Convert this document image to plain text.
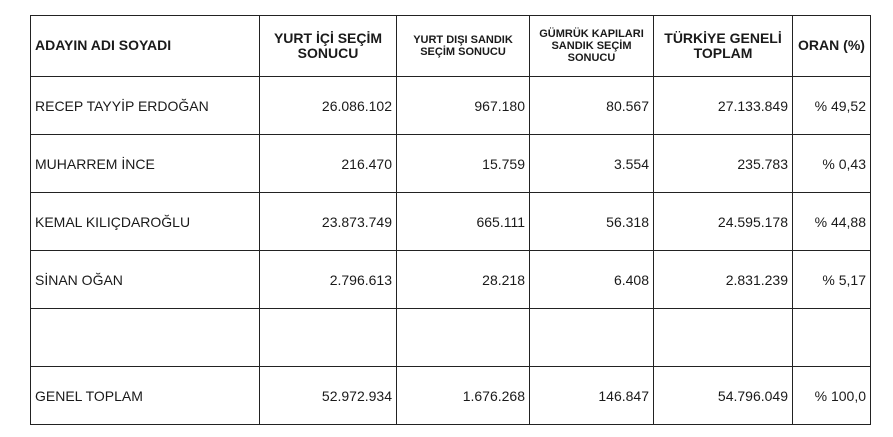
ADAYIN ADI SOYADI	YURT İÇİ SEÇİM SONUCU	YURT DIŞI SANDIK SEÇİM SONUCU	GÜMRÜK KAPILARI SANDIK SEÇİM SONUCU	TÜRKİYE GENELİ TOPLAM	ORAN (%)
RECEP TAYYİP ERDOĞAN	26.086.102	967.180	80.567	27.133.849	% 49,52
MUHARREM İNCE	216.470	15.759	3.554	235.783	% 0,43
KEMAL KILIÇDAROĞLU	23.873.749	665.111	56.318	24.595.178	% 44,88
SİNAN OĞAN	2.796.613	28.218	6.408	2.831.239	% 5,17

GENEL TOPLAM	52.972.934	1.676.268	146.847	54.796.049	% 100,0
